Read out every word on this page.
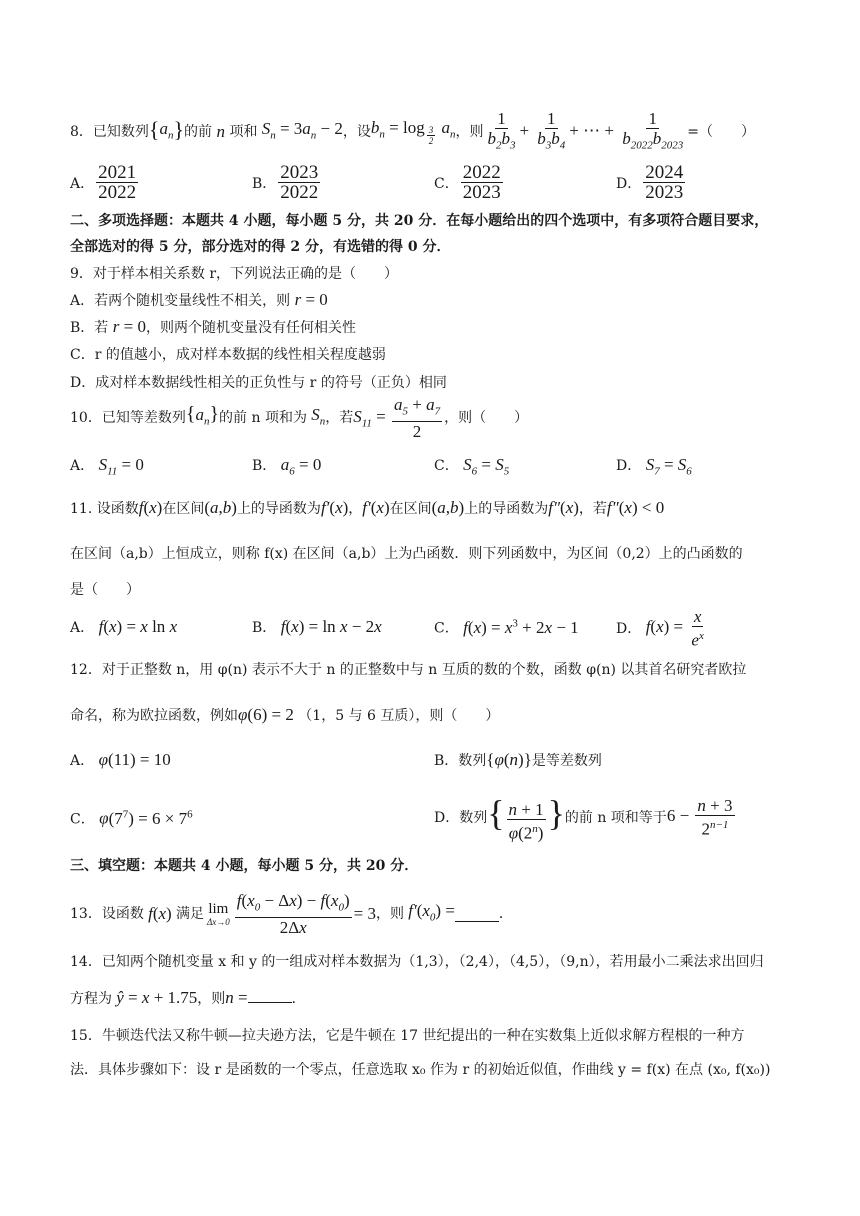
8．已知数列 $\{a_n\}$ 的前
n
项和 $S_n = 3a_n - 2$ ，设 $b_n = \log _{\frac{3}{2}}$ $a_n$ ，则 $\frac{1}{b_2b_3} + \frac{1}{b_3b_4}$ + ⋯ + $\frac{1}{b_{2022}b_{2023}}$ =（　　）
A． $\frac{2021}{2022}$	B． $\frac{2023}{2022}$	C． $\frac{2022}{2023}$	D． $\frac{2024}{2023}$
二、多项选择题：本题共 4 小题，每小题 5 分，共 20 分．在每小题给出的四个选项中，有多项符合题目要求，
全部选对的得 5 分，部分选对的得 2 分，有选错的得 0 分．
9．对于样本相关系数 r，下列说法正确的是（　　）
A．若两个随机变量线性不相关，则 r = 0
B．若 r = 0，则两个随机变量没有任何相关性
C．r 的值越小，成对样本数据的线性相关程度越弱
D．成对样本数据线性相关的正负性与 r 的符号（正负）相同
10．已知等差数列 $\{a_n\}$ 的前 n 项和为 $S_n$ ，若 $S_{11} = \frac{a_5 + a_7}{2}$ ，则（　　）
A． $S_{11} = 0$	B． $a_6 = 0$	C． $S_6 = S_5$	D． $S_7 = S_6$
11. 设函数f(x)在区间(a,b)上的导函数为f′(x)，f′(x)在区间(a,b)上的导函数为f″(x)，若f″(x) < 0
在区间（a,b）上恒成立，则称 f(x) 在区间（a,b）上为凸函数．则下列函数中，为区间（0,2）上的凸函数的
是（　　）
A． f(x) = x ln x	B． f(x) = ln x − 2x	C． $f(x) = x^3 + 2x - 1$	D．
$f(x) = \frac{x}{e^x}$
12．对于正整数 n，用 φ(n) 表示不大于 n 的正整数中与 n 互质的数的个数，函数 φ(n) 以其首名研究者欧拉
命名，称为欧拉函数，例如φ(6) = 2 （1，5 与 6 互质），则（　　）
A． φ(11) = 10	B．数列{φ(n)}是等差数列
C． $\varphi(7^7) = 6 \times 7^6$	D．数列 { $\frac{n + 1}{\varphi(2^n)}$ } 的前 n 项和等于 $6 - \frac{n + 3}{2^{n-1}}$
三、填空题：本题共 4 小题，每小题 5 分，共 20 分．
13．设函数 f(x) 满足 lim
$\Delta x\to 0 \frac{f(x_0 - \Delta x) - f(x_0)}{2\Delta x} = 3$ ，则 $f'(x_0)$ =	．
14．已知两个随机变量 x 和 y 的一组成对样本数据为（1,3），（2,4），（4,5），（9,n），若用最小二乘法求出回归
方程为 ŷ = x + 1.75，则n =	．
15．牛顿迭代法又称牛顿—拉夫逊方法，它是牛顿在 17 世纪提出的一种在实数集上近似求解方程根的一种方
法．具体步骤如下：设 r 是函数的一个零点，任意选取 x₀ 作为 r 的初始近似值，作曲线 y = f(x) 在点 (x₀, f(x₀))
